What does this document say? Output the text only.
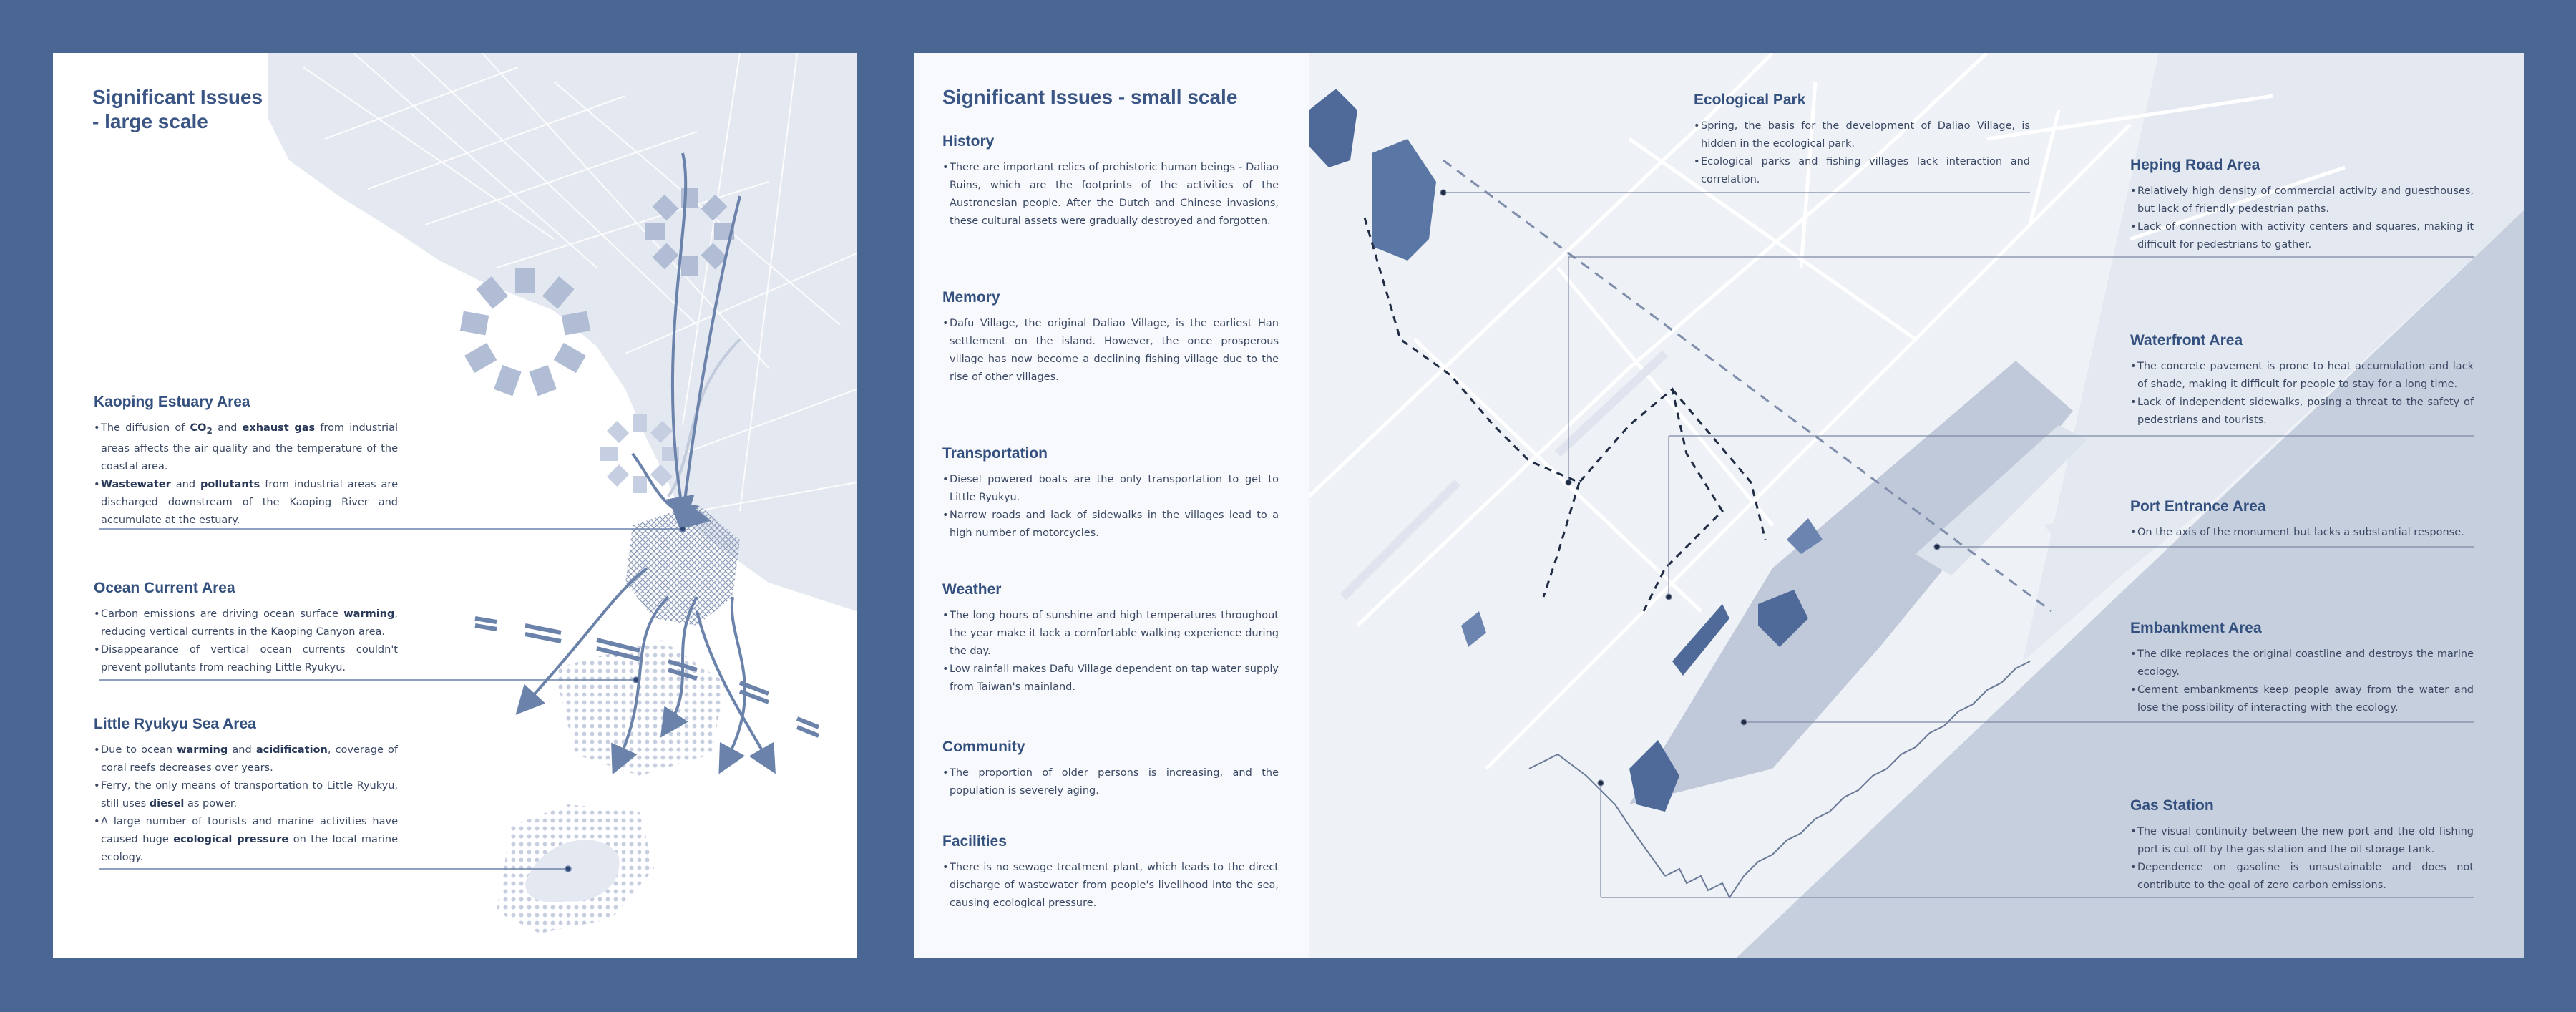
Significant Issues
- large scale
Kaoping Estuary Area
• The diffusion of $CO_2$ and exhaust gas from industrial areas affects the air quality and the temperature of the coastal area.
• Wastewater and pollutants from industrial areas are discharged downstream of the Kaoping River and accumulate at the estuary.
Ocean Current Area
• Carbon emissions are driving ocean surface warming, reducing vertical currents in the Kaoping Canyon area.
• Disappearance of vertical ocean currents couldn't prevent pollutants from reaching Little Ryukyu.
Little Ryukyu Sea Area
• Due to ocean warming and acidification, coverage of coral reefs decreases over years.
• Ferry, the only means of transportation to Little Ryukyu, still uses diesel as power.
• A large number of tourists and marine activities have caused huge ecological pressure on the local marine ecology.
Significant Issues - small scale
History
• There are important relics of prehistoric human beings - Daliao Ruins, which are the footprints of the activities of the Austronesian people. After the Dutch and Chinese invasions, these cultural assets were gradually destroyed and forgotten.
Memory
• Dafu Village, the original Daliao Village, is the earliest Han settlement on the island. However, the once prosperous village has now become a declining fishing village due to the rise of other villages.
Transportation
• Diesel powered boats are the only transportation to get to Little Ryukyu.
• Narrow roads and lack of sidewalks in the villages lead to a high number of motorcycles.
Weather
• The long hours of sunshine and high temperatures throughout the year make it lack a comfortable walking experience during the day.
• Low rainfall makes Dafu Village dependent on tap water supply from Taiwan's mainland.
Community
• The proportion of older persons is increasing, and the population is severely aging.
Facilities
• There is no sewage treatment plant, which leads to the direct discharge of wastewater from people's livelihood into the sea, causing ecological pressure.
Ecological Park
• Spring, the basis for the development of Daliao Village, is hidden in the ecological park.
• Ecological parks and fishing villages lack interaction and correlation.
Heping Road Area
• Relatively high density of commercial activity and guesthouses, but lack of friendly pedestrian paths.
• Lack of connection with activity centers and squares, making it difficult for pedestrians to gather.
Waterfront Area
• The concrete pavement is prone to heat accumulation and lack of shade, making it difficult for people to stay for a long time.
• Lack of independent sidewalks, posing a threat to the safety of pedestrians and tourists.
Port Entrance Area
• On the axis of the monument but lacks a substantial response.
Embankment Area
• The dike replaces the original coastline and destroys the marine ecology.
• Cement embankments keep people away from the water and lose the possibility of interacting with the ecology.
Gas Station
• The visual continuity between the new port and the old fishing port is cut off by the gas station and the oil storage tank.
• Dependence on gasoline is unsustainable and does not contribute to the goal of zero carbon emissions.
